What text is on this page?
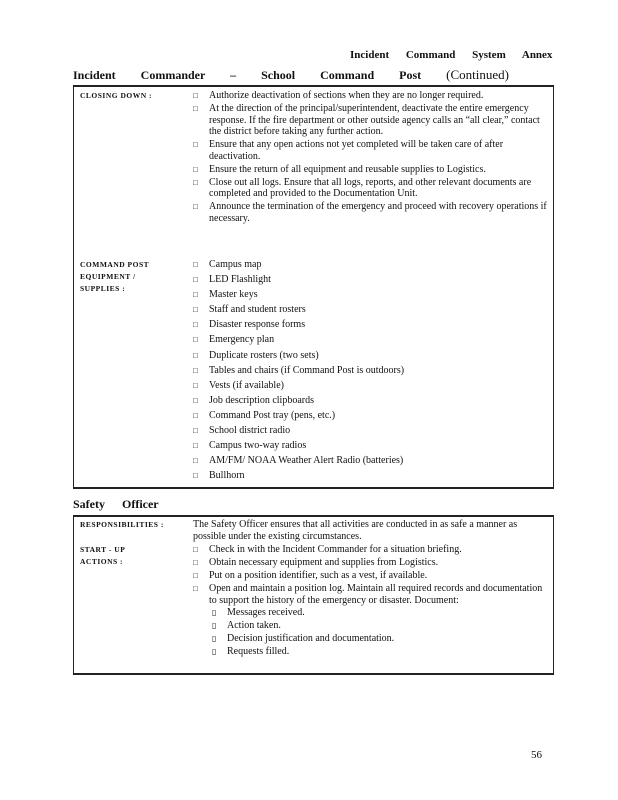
Incident Command System Annex
Incident Commander – School Command Post (Continued)
CLOSING DOWN :
□	Authorize deactivation of sections when they are no longer required.
□ At the direction of the principal/superintendent, deactivate the entire emergency response. If the fire department or other outside agency calls an “all clear,” contact the district before taking any further action.
□ Ensure that any open actions not yet completed will be taken care of after deactivation.
□ Ensure the return of all equipment and reusable supplies to Logistics.
□ Close out all logs. Ensure that all logs, reports, and other relevant documents are completed and provided to the Documentation Unit.
□ Announce the termination of the emergency and proceed with recovery operations if necessary.
COMMAND POST
EQUIPMENT /
SUPPLIES :
□ Campus map
□ LED Flashlight
□ Master keys
□ Staff and student rosters
□ Disaster response forms
□ Emergency plan
□ Duplicate rosters (two sets)
□ Tables and chairs (if Command Post is outdoors)
□ Vests (if available)
□ Job description clipboards
□ Command Post tray (pens, etc.)
□ School district radio
□ Campus two-way radios
□ AM/FM/ NOAA Weather Alert Radio (batteries)
□ Bullhorn
Safety Officer
RESPONSIBILITIES :	The Safety Officer ensures that all activities are conducted in as safe a manner as possible under the existing circumstances.

START - UP
ACTIONS :
□ Check in with the Incident Commander for a situation briefing.
□ Obtain necessary equipment and supplies from Logistics.
□ Put on a position identifier, such as a vest, if available.
□ Open and maintain a position log. Maintain all required records and documentation to support the history of the emergency or disaster. Document:
▯ Messages received.
▯ Action taken.
▯ Decision justification and documentation.
▯ Requests filled.
56
